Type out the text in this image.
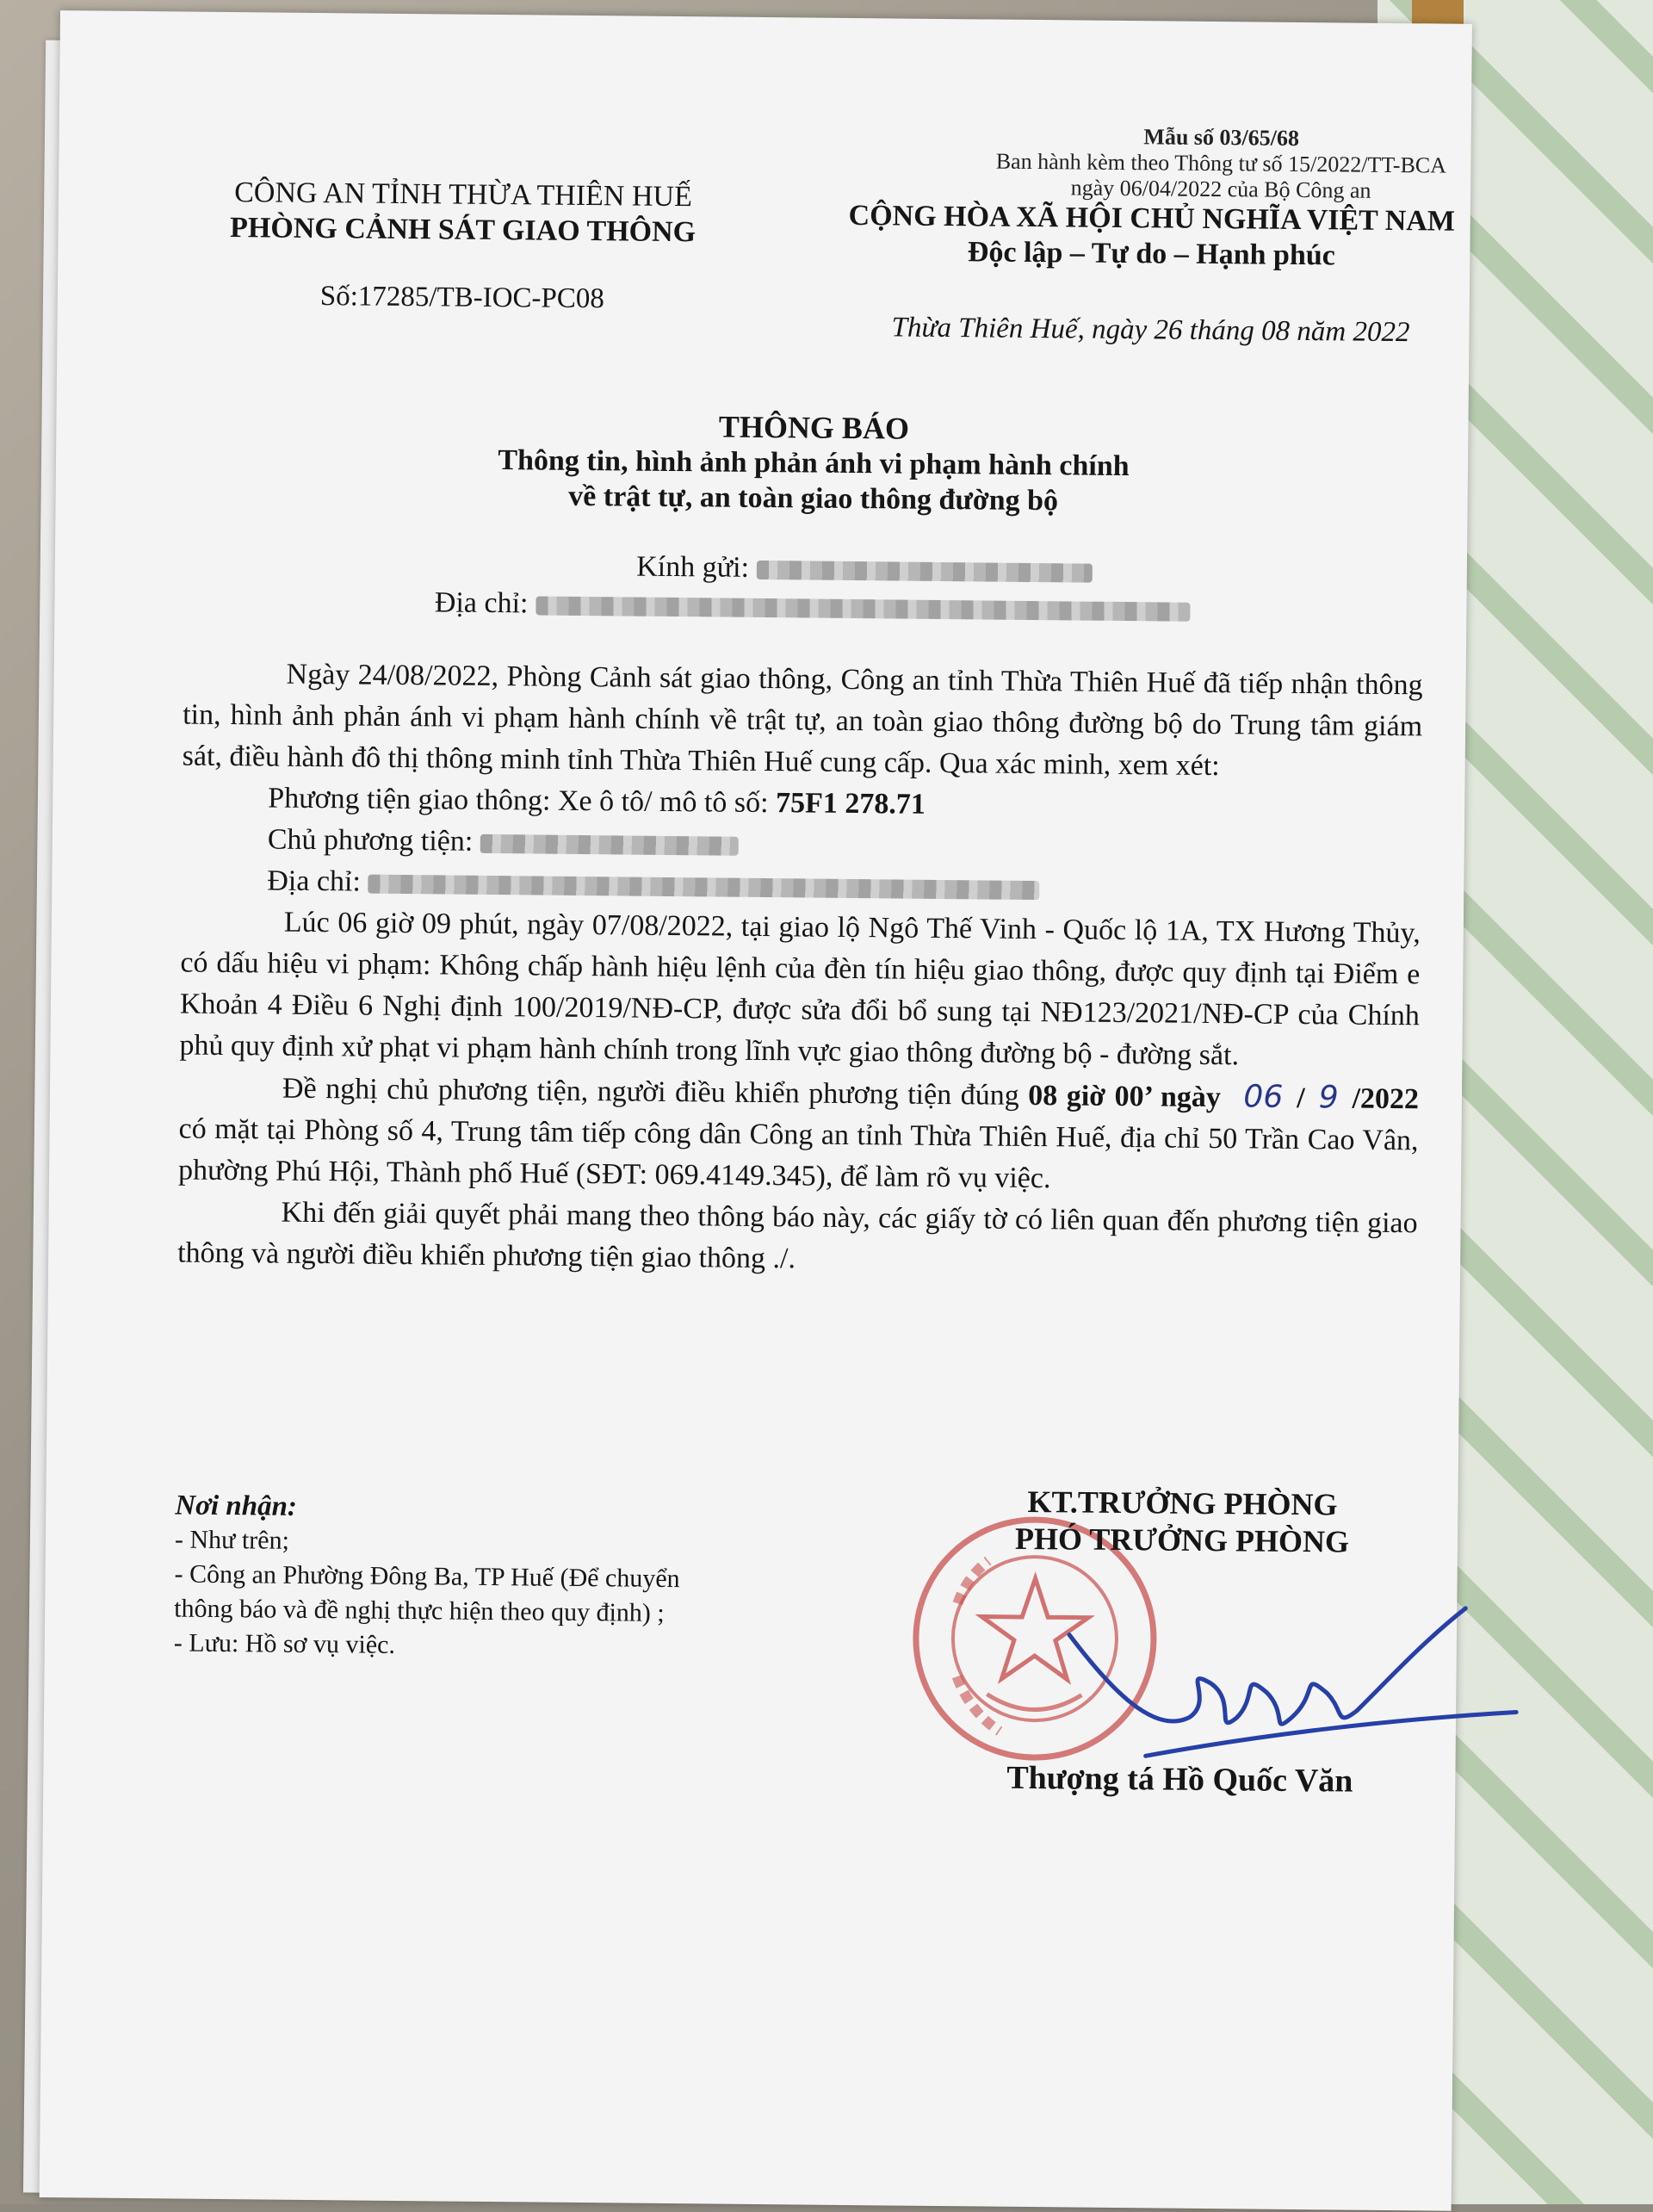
Mẫu số 03/65/68
Ban hành kèm theo Thông tư số 15/2022/TT-BCA
ngày 06/04/2022 của Bộ Công an
CÔNG AN TỈNH THỪA THIÊN HUẾ
PHÒNG CẢNH SÁT GIAO THÔNG
Số:17285/TB-IOC-PC08
CỘNG HÒA XÃ HỘI CHỦ NGHĨA VIỆT NAM
Độc lập – Tự do – Hạnh phúc
Thừa Thiên Huế, ngày 26 tháng 08 năm 2022
THÔNG BÁO
Thông tin, hình ảnh phản ánh vi phạm hành chính
về trật tự, an toàn giao thông đường bộ
Kính gửi:
Địa chỉ:

Ngày 24/08/2022, Phòng Cảnh sát giao thông, Công an tỉnh Thừa Thiên Huế đã tiếp nhận thông tin, hình ảnh phản ánh vi phạm hành chính về trật tự, an toàn giao thông đường bộ do Trung tâm giám sát, điều hành đô thị thông minh tỉnh Thừa Thiên Huế cung cấp. Qua xác minh, xem xét:

Phương tiện giao thông: Xe ô tô/ mô tô số: 75F1 278.71

Chủ phương tiện:

Địa chỉ:

Lúc 06 giờ 09 phút, ngày 07/08/2022, tại giao lộ Ngô Thế Vinh - Quốc lộ 1A, TX Hương Thủy, có dấu hiệu vi phạm: Không chấp hành hiệu lệnh của đèn tín hiệu giao thông, được quy định tại Điểm e Khoản 4 Điều 6 Nghị định 100/2019/NĐ-CP, được sửa đổi bổ sung tại NĐ123/2021/NĐ-CP của Chính phủ quy định xử phạt vi phạm hành chính trong lĩnh vực giao thông đường bộ - đường sắt.

Đề nghị chủ phương tiện, người điều khiển phương tiện đúng 08 giờ 00’ ngày 06 / 9 /2022 có mặt tại Phòng số 4, Trung tâm tiếp công dân Công an tỉnh Thừa Thiên Huế, địa chỉ 50 Trần Cao Vân, phường Phú Hội, Thành phố Huế (SĐT: 069.4149.345), để làm rõ vụ việc.

Khi đến giải quyết phải mang theo thông báo này, các giấy tờ có liên quan đến phương tiện giao thông và người điều khiển phương tiện giao thông ./.

Nơi nhận:

- Như trên;

- Công an Phường Đông Ba, TP Huế (Để chuyển thông báo và đề nghị thực hiện theo quy định) ;

- Lưu: Hồ sơ vụ việc.

KT.TRƯỞNG PHÒNG
PHÓ TRƯỞNG PHÒNG
Thượng tá Hồ Quốc Văn
